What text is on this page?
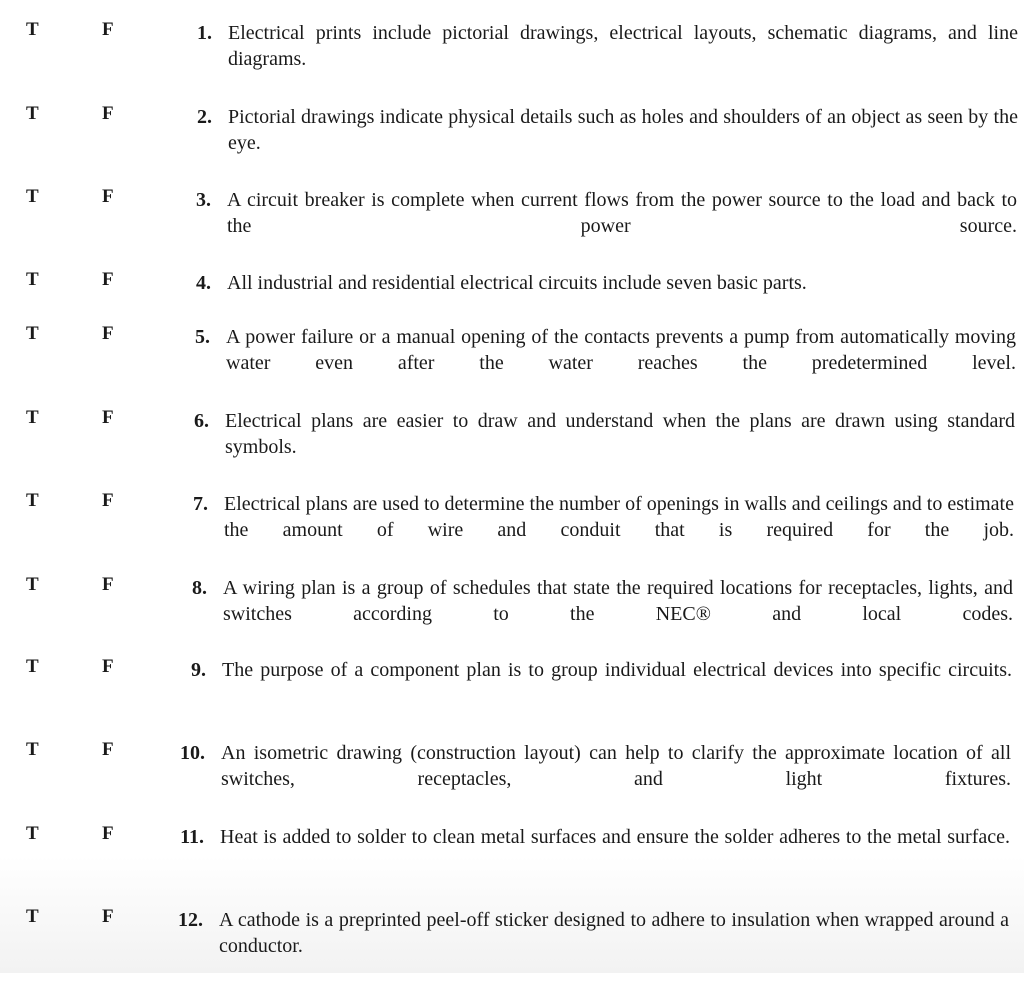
T	F	1. Electrical prints include pictorial drawings, electrical layouts, schematic diagrams, and line diagrams.
T	F	2. Pictorial drawings indicate physical details such as holes and shoulders of an object as seen by the eye.
T	F	3. A circuit breaker is complete when current flows from the power source to the load and back to the power source.
T	F	4. All industrial and residential electrical circuits include seven basic parts.
T	F	5. A power failure or a manual opening of the contacts prevents a pump from automatically moving water even after the water reaches the predetermined level.
T	F	6. Electrical plans are easier to draw and understand when the plans are drawn using standard symbols.
T	F	7. Electrical plans are used to determine the number of openings in walls and ceilings and to estimate the amount of wire and conduit that is required for the job.
T	F	8. A wiring plan is a group of schedules that state the required locations for receptacles, lights, and switches according to the NEC® and local codes.
T	F	9. The purpose of a component plan is to group individual electrical devices into specific circuits.
T	F	10. An isometric drawing (construction layout) can help to clarify the approximate location of all switches, receptacles, and light fixtures.
T	F	11. Heat is added to solder to clean metal surfaces and ensure the solder adheres to the metal surface.
T	F	12. A cathode is a preprinted peel-off sticker designed to adhere to insulation when wrapped around a conductor.
